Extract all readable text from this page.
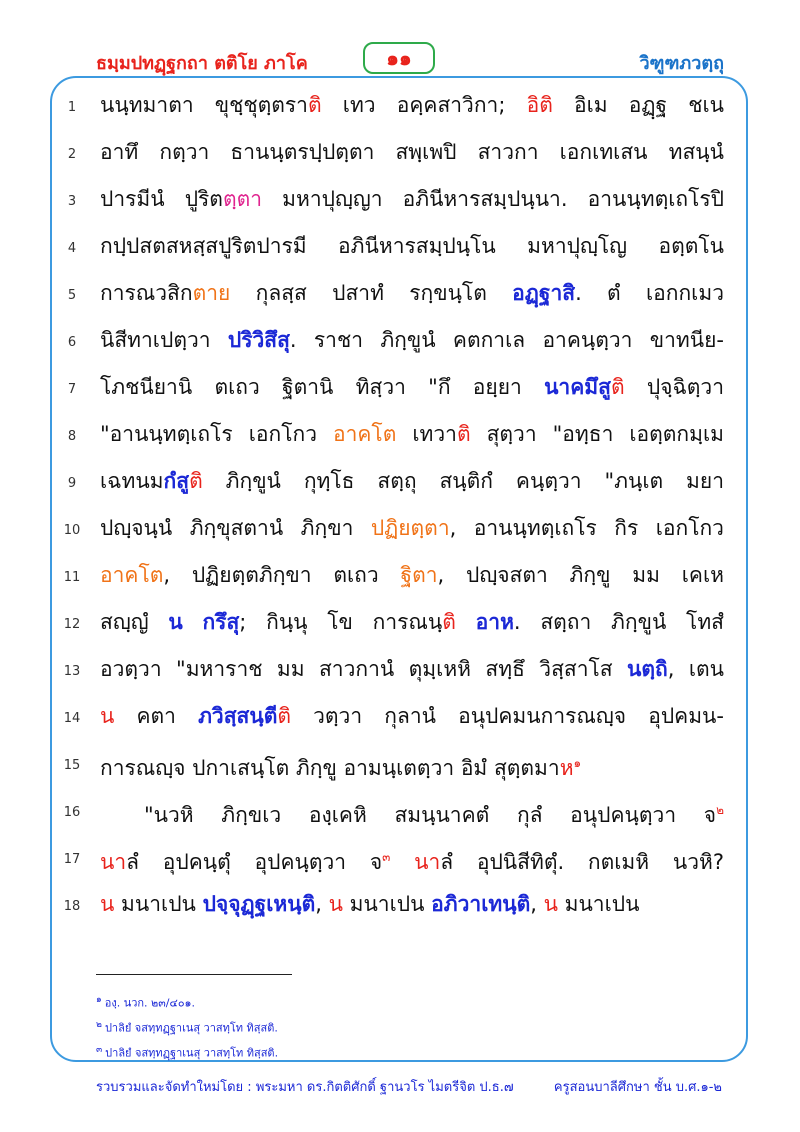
ธมฺมปทฏฺฐกถา ตติโย ภาโค	๑๑	วิฑูฑภวตฺถุ
1	นนฺทมาตา ขุชฺชุตฺตราติ เทว อคฺคสาวิกา; อิติ อิเม อฏฺฐ ชเน
2	อาทึ กตฺวา ธานนฺตรปฺปตฺตา สพฺเพปิ สาวกา เอกเทเสน ทสนฺนํ
3	ปารมีนํ ปูริตตฺตา มหาปุญฺญา อภินีหารสมฺปนฺนา. อานนฺทตฺเถโรปิ
4	กปฺปสตสหสฺสปูริตปารมี อภินีหารสมฺปนฺโน มหาปุญฺโญ อตฺตโน
5	การณวสิกตาย กุลสฺส ปสาทํ รกฺขนฺโต อฏฺฐาสิ. ตํ เอกกเมว
6	นิสีทาเปตฺวา ปริวิสึสุ. ราชา ภิกฺขูนํ คตกาเล อาคนฺตฺวา ขาทนีย-
7	โภชนียานิ ตเถว ฐิตานิ ทิสฺวา "กึ อยฺยา นาคมึสูติ ปุจฺฉิตฺวา
8	"อานนฺทตฺเถโร เอกโกว อาคโต เทวาติ สุตฺวา "อทฺธา เอตฺตกมฺเม
9	เฉทนมกํสูติ ภิกฺขูนํ กุทฺโธ สตฺถุ สนฺติกํ คนฺตฺวา "ภนฺเต มยา
10 ปญฺจนฺนํ ภิกฺขุสตานํ ภิกฺขา ปฏิยตฺตา, อานนฺทตฺเถโร กิร เอกโกว
11 อาคโต, ปฏิยตฺตภิกฺขา ตเถว ฐิตา, ปญฺจสตา ภิกฺขู มม เคเห
12 สญฺญํ น กรึสุ; กินฺนุ โข การณนฺติ อาห. สตฺถา ภิกฺขูนํ โทสํ
13 อวตฺวา "มหาราช มม สาวกานํ ตุมฺเหหิ สทฺธึ วิสฺสาโส นตฺถิ, เตน
14 น คตา ภวิสฺสนฺตีติ วตฺวา กุลานํ อนุปคมนการณญฺจ อุปคมน-
15 การณญฺจ ปกาเสนฺโต ภิกฺขู อามนฺเตตฺวา อิมํ สุตฺตมาห$^๑$
16	"นวหิ ภิกฺขเว องฺเคหิ สมนฺนาคตํ กุลํ อนุปคนฺตฺวา จ$^๒$
17 นาลํ อุปคนฺตุํ อุปคนฺตฺวา จ$^๓$ นาลํ อุปนิสีทิตุํ. กตเมหิ นวหิ?
18 น มนาเปน ปจฺจุฏฺฐเหนฺติ, น มนาเปน อภิวาเทนฺติ, น มนาเปน
$^๑$ องฺ. นวก. ๒๓/๔๐๑.
$^๒$ ปาลิยํ จสทฺทฏฺฐาเนสุ วาสทฺโท ทิสฺสติ.
$^๓$ ปาลิยํ จสทฺทฏฺฐาเนสุ วาสทฺโท ทิสฺสติ.
รวบรวมและจัดทำใหม่โดย : พระมหา ดร.กิตติศักดิ์ ฐานวโร ไมตรีจิต ป.ธ.๗	ครูสอนบาลีศึกษา ชั้น บ.ศ.๑-๒
